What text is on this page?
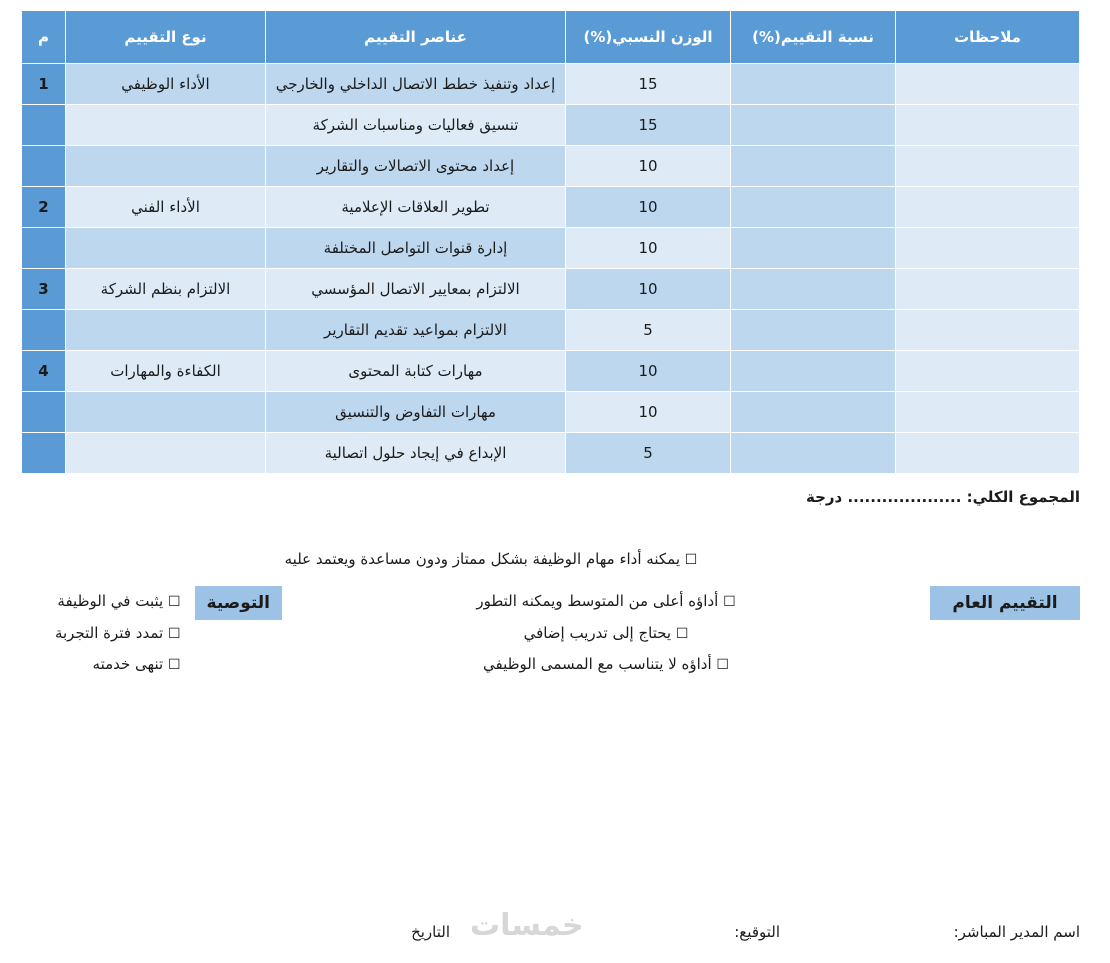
ملاحظات	نسبة التقييم(%)	الوزن النسبي(%)	عناصر التقييم	نوع التقييم	م
		15	إعداد وتنفيذ خطط الاتصال الداخلي والخارجي	الأداء الوظيفي	1
		15	تنسيق فعاليات ومناسبات الشركة		
		10	إعداد محتوى الاتصالات والتقارير		
		10	تطوير العلاقات الإعلامية	الأداء الفني	2
		10	إدارة قنوات التواصل المختلفة		
		10	الالتزام بمعايير الاتصال المؤسسي	الالتزام بنظم الشركة	3
		5	الالتزام بمواعيد تقديم التقارير		
		10	مهارات كتابة المحتوى	الكفاءة والمهارات	4
		10	مهارات التفاوض والتنسيق		
		5	الإبداع في إيجاد حلول اتصالية		
المجموع الكلي: .................... درجة
☐ يمكنه أداء مهام الوظيفة بشكل ممتاز ودون مساعدة ويعتمد عليه
التقييم العام
☐ أداؤه أعلى من المتوسط ويمكنه التطور
☐ يحتاج إلى تدريب إضافي
☐ أداؤه لا يتناسب مع المسمى الوظيفي
التوصية
☐ يثبت في الوظيفة
☐ تمدد فترة التجربة
☐ تنهى خدمته
اسم المدير المباشر:
التوقيع:
التاريخ خمسات
